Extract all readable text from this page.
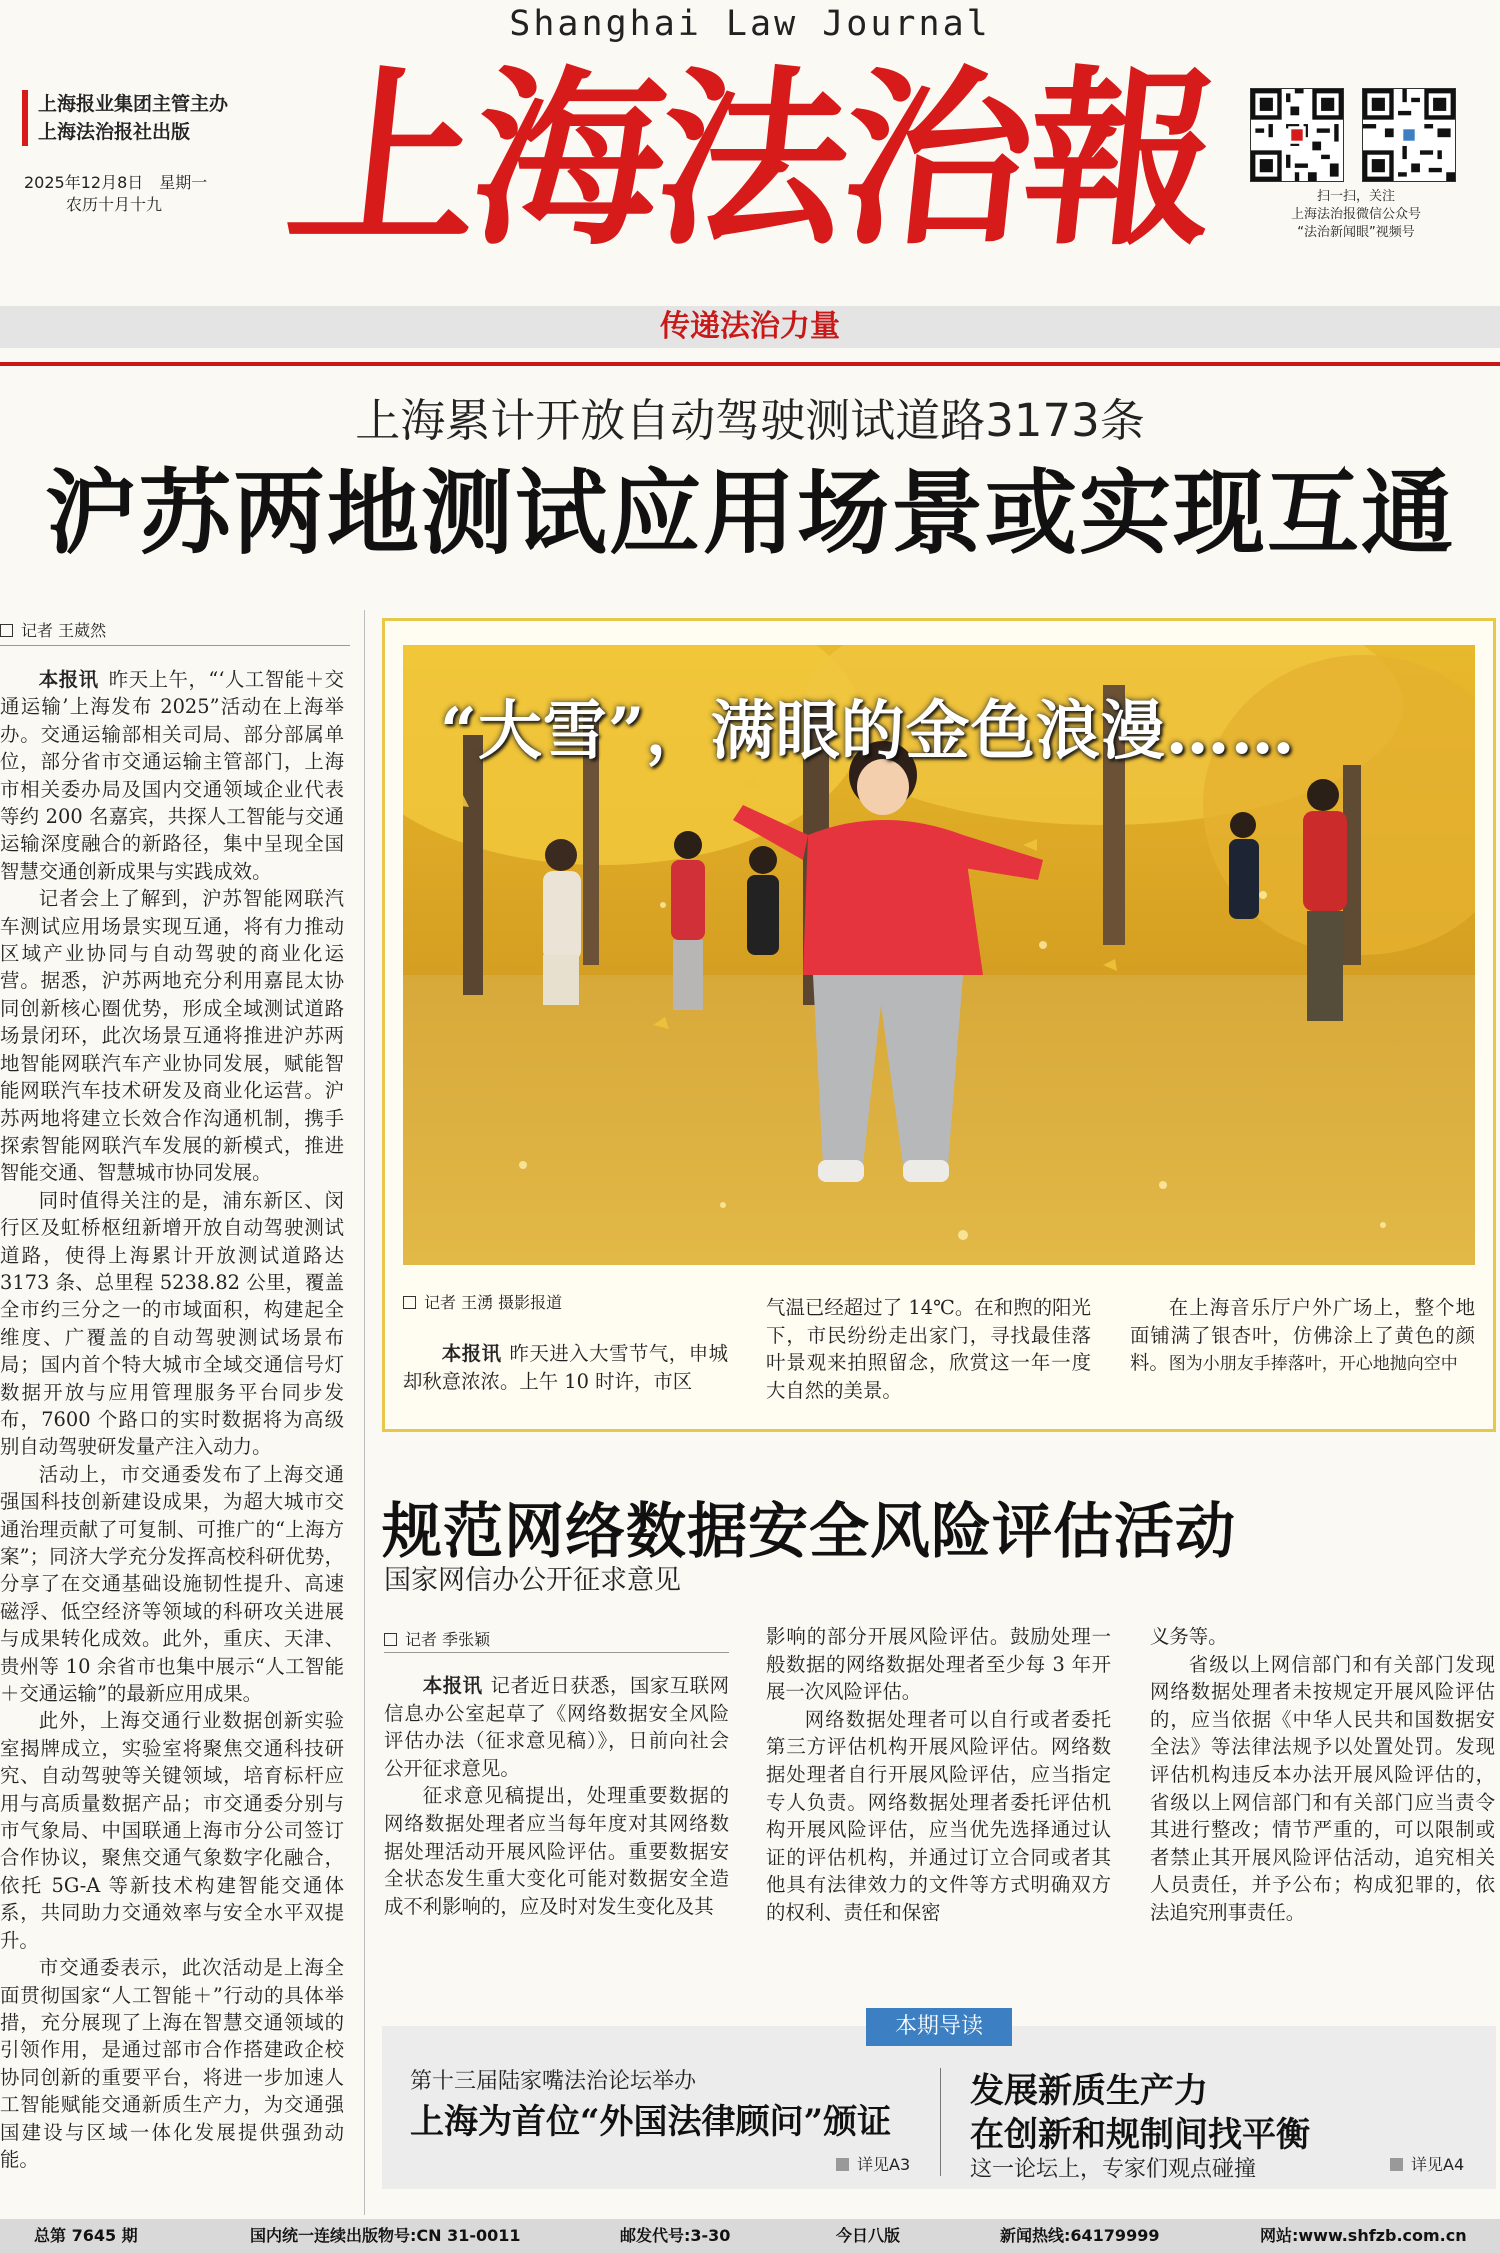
Shanghai Law Journal
上海报业集团主管主办
上海法治报社出版
2025年12月8日　星期一
农历十月十九 上海法治報	扫一扫，关注
上海法治报微信公众号
“法治新闻眼”视频号
传递法治力量
上海累计开放自动驾驶测试道路3173条
沪苏两地测试应用场景或实现互通
记者 王葳然

本报讯  昨天上午，“‘人工智能＋交通运输’上海发布 2025”活动在上海举办。交通运输部相关司局、部分部属单位，部分省市交通运输主管部门，上海市相关委办局及国内交通领域企业代表等约 200 名嘉宾，共探人工智能与交通运输深度融合的新路径，集中呈现全国智慧交通创新成果与实践成效。

记者会上了解到，沪苏智能网联汽车测试应用场景实现互通，将有力推动区域产业协同与自动驾驶的商业化运营。据悉，沪苏两地充分利用嘉昆太协同创新核心圈优势，形成全域测试道路场景闭环，此次场景互通将推进沪苏两地智能网联汽车产业协同发展，赋能智能网联汽车技术研发及商业化运营。沪苏两地将建立长效合作沟通机制，携手探索智能网联汽车发展的新模式，推进智能交通、智慧城市协同发展。

同时值得关注的是，浦东新区、闵行区及虹桥枢纽新增开放自动驾驶测试道路，使得上海累计开放测试道路达 3173 条、总里程 5238.82 公里，覆盖全市约三分之一的市域面积，构建起全维度、广覆盖的自动驾驶测试场景布局；国内首个特大城市全域交通信号灯数据开放与应用管理服务平台同步发布，7600 个路口的实时数据将为高级别自动驾驶研发量产注入动力。

活动上，市交通委发布了上海交通强国科技创新建设成果，为超大城市交通治理贡献了可复制、可推广的“上海方案”；同济大学充分发挥高校科研优势，分享了在交通基础设施韧性提升、高速磁浮、低空经济等领域的科研攻关进展与成果转化成效。此外，重庆、天津、贵州等 10 余省市也集中展示“人工智能＋交通运输”的最新应用成果。

此外，上海交通行业数据创新实验室揭牌成立，实验室将聚焦交通科技研究、自动驾驶等关键领域，培育标杆应用与高质量数据产品；市交通委分别与市气象局、中国联通上海市分公司签订合作协议，聚焦交通气象数字化融合，依托 5G-A 等新技术构建智能交通体系，共同助力交通效率与安全水平双提升。

市交通委表示，此次活动是上海全面贯彻国家“人工智能＋”行动的具体举措，充分展现了上海在智慧交通领域的引领作用，是通过部市合作搭建政企校协同创新的重要平台，将进一步加速人工智能赋能交通新质生产力，为交通强国建设与区域一体化发展提供强劲动能。

“大雪”，满眼的金色浪漫……
记者 王湧 摄影报道
本报讯 昨天进入大雪节气，申城却秋意浓浓。上午 10 时许，市区
气温已经超过了 14℃。在和煦的阳光下，市民纷纷走出家门，寻找最佳落叶景观来拍照留念，欣赏这一年一度大自然的美景。
在上海音乐厅户外广场上，整个地面铺满了银杏叶，仿佛涂上了黄色的颜料。图为小朋友手捧落叶，开心地抛向空中
规范网络数据安全风险评估活动
国家网信办公开征求意见
记者 季张颖

本报讯 记者近日获悉，国家互联网信息办公室起草了《网络数据安全风险评估办法（征求意见稿）》，日前向社会公开征求意见。

征求意见稿提出，处理重要数据的网络数据处理者应当每年度对其网络数据处理活动开展风险评估。重要数据安全状态发生重大变化可能对数据安全造成不利影响的，应及时对发生变化及其

影响的部分开展风险评估。鼓励处理一般数据的网络数据处理者至少每 3 年开展一次风险评估。

网络数据处理者可以自行或者委托第三方评估机构开展风险评估。网络数据处理者自行开展风险评估，应当指定专人负责。网络数据处理者委托评估机构开展风险评估，应当优先选择通过认证的评估机构，并通过订立合同或者其他具有法律效力的文件等方式明确双方的权利、责任和保密

义务等。

省级以上网信部门和有关部门发现网络数据处理者未按规定开展风险评估的，应当依据《中华人民共和国数据安全法》等法律法规予以处置处罚。发现评估机构违反本办法开展风险评估的，省级以上网信部门和有关部门应当责令其进行整改；情节严重的，可以限制或者禁止其开展风险评估活动，追究相关人员责任，并予公布；构成犯罪的，依法追究刑事责任。

本期导读
第十三届陆家嘴法治论坛举办
上海为首位“外国法律顾问”颁证
详见A3
发展新质生产力
在创新和规制间找平衡
这一论坛上，专家们观点碰撞	详见A4
总第 7645 期	国内统一连续出版物号:CN 31-0011	邮发代号:3-30	今日八版	新闻热线:64179999	网站:www.shfzb.com.cn
